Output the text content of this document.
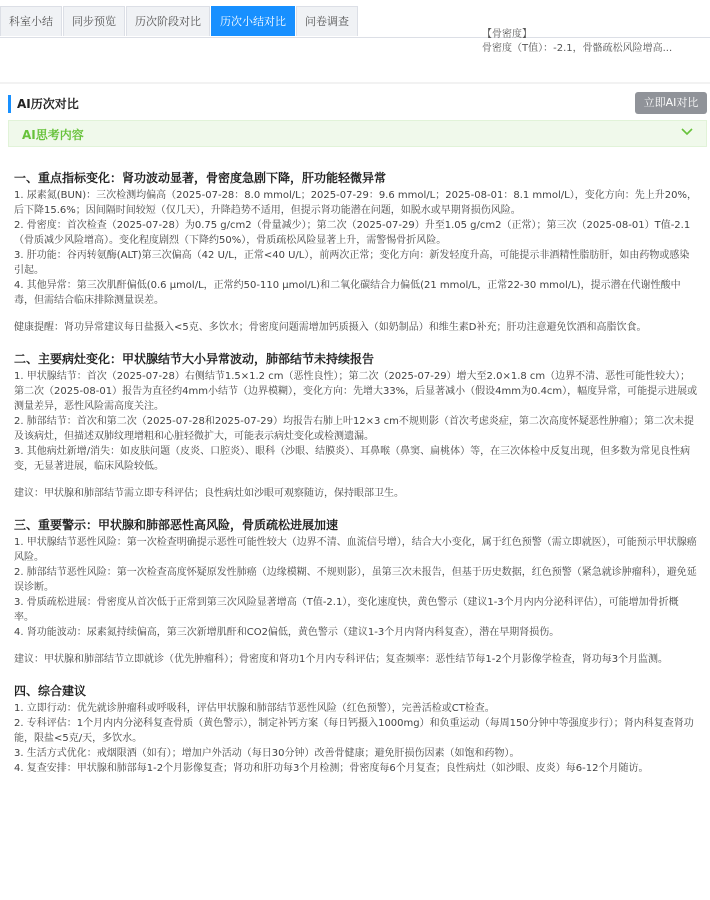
科室小结	同步预览	历次阶段对比	历次小结对比	问卷调查
【骨密度】
骨密度（T值）：-2.1，骨骼疏松风险增高...
AI历次对比	立即AI对比
AI思考内容
一、重点指标变化：肾功波动显著，骨密度急剧下降，肝功能轻微异常

1. 尿素氮(BUN)：三次检测均偏高（2025-07-28：8.0 mmol/L；2025-07-29：9.6 mmol/L；2025-08-01：8.1 mmol/L），变化方向：先上升20%，后下降15.6%；因间隔时间较短（仅几天），升降趋势不适用，但提示肾功能潜在问题，如脱水或早期肾损伤风险。

2. 骨密度：首次检查（2025-07-28）为0.75 g/cm2（骨量减少）；第二次（2025-07-29）升至1.05 g/cm2（正常）；第三次（2025-08-01）T值-2.1（骨质减少风险增高）。变化程度剧烈（下降约50%），骨质疏松风险显著上升，需警惕骨折风险。

3. 肝功能：谷丙转氨酶(ALT)第三次偏高（42 U/L，正常<40 U/L），前两次正常；变化方向：新发轻度升高，可能提示非酒精性脂肪肝，如由药物或感染引起。

4. 其他异常：第三次肌酐偏低(0.6 μmol/L，正常约50-110 μmol/L)和二氧化碳结合力偏低(21 mmol/L，正常22-30 mmol/L)，提示潜在代谢性酸中毒，但需结合临床排除测量误差。

健康提醒：肾功异常建议每日盐摄入<5克、多饮水；骨密度问题需增加钙质摄入（如奶制品）和维生素D补充；肝功注意避免饮酒和高脂饮食。

二、主要病灶变化：甲状腺结节大小异常波动，肺部结节未持续报告

1. 甲状腺结节：首次（2025-07-28）右侧结节1.5×1.2 cm（恶性良性）；第二次（2025-07-29）增大至2.0×1.8 cm（边界不清、恶性可能性较大）；第二次（2025-08-01）报告为直径约4mm小结节（边界模糊），变化方向：先增大33%，后显著减小（假设4mm为0.4cm），幅度异常，可能提示进展或测量差异，恶性风险需高度关注。

2. 肺部结节：首次和第二次（2025-07-28和2025-07-29）均报告右肺上叶12×3 cm不规则影（首次考虑炎症，第二次高度怀疑恶性肿瘤）；第二次未提及该病灶，但描述双肺纹理增粗和心脏轻微扩大，可能表示病灶变化或检测遗漏。

3. 其他病灶新增/消失：如皮肤问题（皮炎、口腔炎）、眼科（沙眼、结膜炎）、耳鼻喉（鼻窦、扁桃体）等，在三次体检中反复出现，但多数为常见良性病变，无显著进展，临床风险较低。

建议：甲状腺和肺部结节需立即专科评估；良性病灶如沙眼可观察随访，保持眼部卫生。

三、重要警示：甲状腺和肺部恶性高风险，骨质疏松进展加速

1. 甲状腺结节恶性风险：第一次检查明确提示恶性可能性较大（边界不清、血流信号增），结合大小变化，属于红色预警（需立即就医），可能预示甲状腺癌风险。

2. 肺部结节恶性风险：第一次检查高度怀疑原发性肺癌（边缘模糊、不规则影），虽第三次未报告，但基于历史数据，红色预警（紧急就诊肿瘤科），避免延误诊断。

3. 骨质疏松进展：骨密度从首次低于正常到第三次风险显著增高（T值-2.1），变化速度快，黄色警示（建议1-3个月内内分泌科评估），可能增加骨折概率。

4. 肾功能波动：尿素氮持续偏高，第三次新增肌酐和CO2偏低，黄色警示（建议1-3个月内肾内科复查），潜在早期肾损伤。

建议：甲状腺和肺部结节立即就诊（优先肿瘤科）；骨密度和肾功1个月内专科评估；复查频率：恶性结节每1-2个月影像学检查，肾功每3个月监测。

四、综合建议

1. 立即行动：优先就诊肿瘤科或呼吸科，评估甲状腺和肺部结节恶性风险（红色预警），完善活检或CT检查。

2. 专科评估：1个月内内分泌科复查骨质（黄色警示），制定补钙方案（每日钙摄入1000mg）和负重运动（每周150分钟中等强度步行）；肾内科复查肾功能，限盐<5克/天，多饮水。

3. 生活方式优化：戒烟限酒（如有）；增加户外活动（每日30分钟）改善骨健康；避免肝损伤因素（如饱和药物）。

4. 复查安排：甲状腺和肺部每1-2个月影像复查；肾功和肝功每3个月检测；骨密度每6个月复查；良性病灶（如沙眼、皮炎）每6-12个月随访。
